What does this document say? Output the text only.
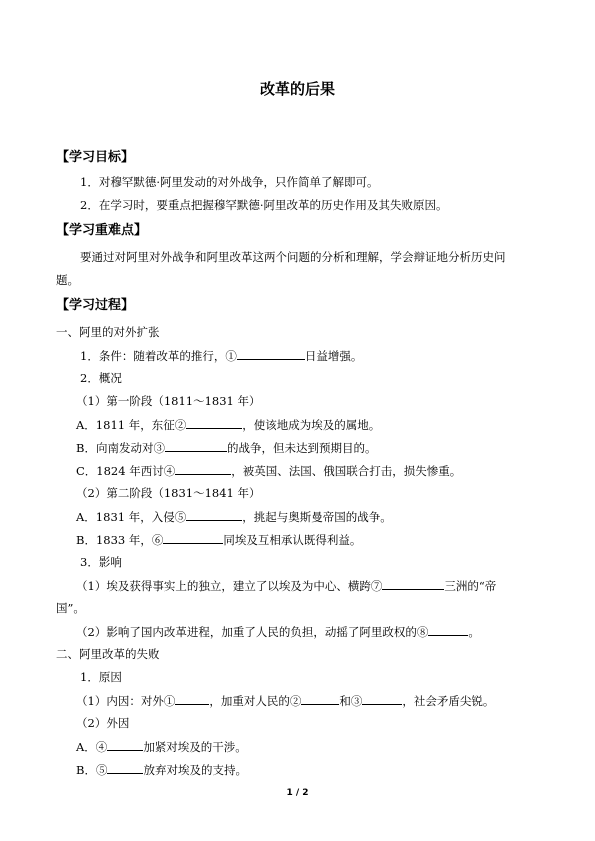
改革的后果
【学习目标】
1．对穆罕默德·阿里发动的对外战争，只作简单了解即可。
2．在学习时，要重点把握穆罕默德·阿里改革的历史作用及其失败原因。
【学习重难点】
要通过对阿里对外战争和阿里改革这两个问题的分析和理解，学会辩证地分析历史问
题。
【学习过程】
一、阿里的对外扩张
1．条件：随着改革的推行，①	日益增强。
2．概况
（1）第一阶段（1811～1831 年）
A．1811 年，东征②	，使该地成为埃及的属地。
B．向南发动对③	的战争，但未达到预期目的。
C．1824 年西讨④	，被英国、法国、俄国联合打击，损失惨重。
（2）第二阶段（1831～1841 年）
A．1831 年，入侵⑤	，挑起与奥斯曼帝国的战争。
B．1833 年，⑥	同埃及互相承认既得利益。
3．影响
（1）埃及获得事实上的独立，建立了以埃及为中心、横跨⑦	三洲的“帝
国”。
（2）影响了国内改革进程，加重了人民的负担，动摇了阿里政权的⑧	。
二、阿里改革的失败
1．原因
（1）内因：对外①	，加重对人民的②	和③	，社会矛盾尖锐。
（2）外因
A．④	加紧对埃及的干涉。
B．⑤	放弃对埃及的支持。
1 / 2
